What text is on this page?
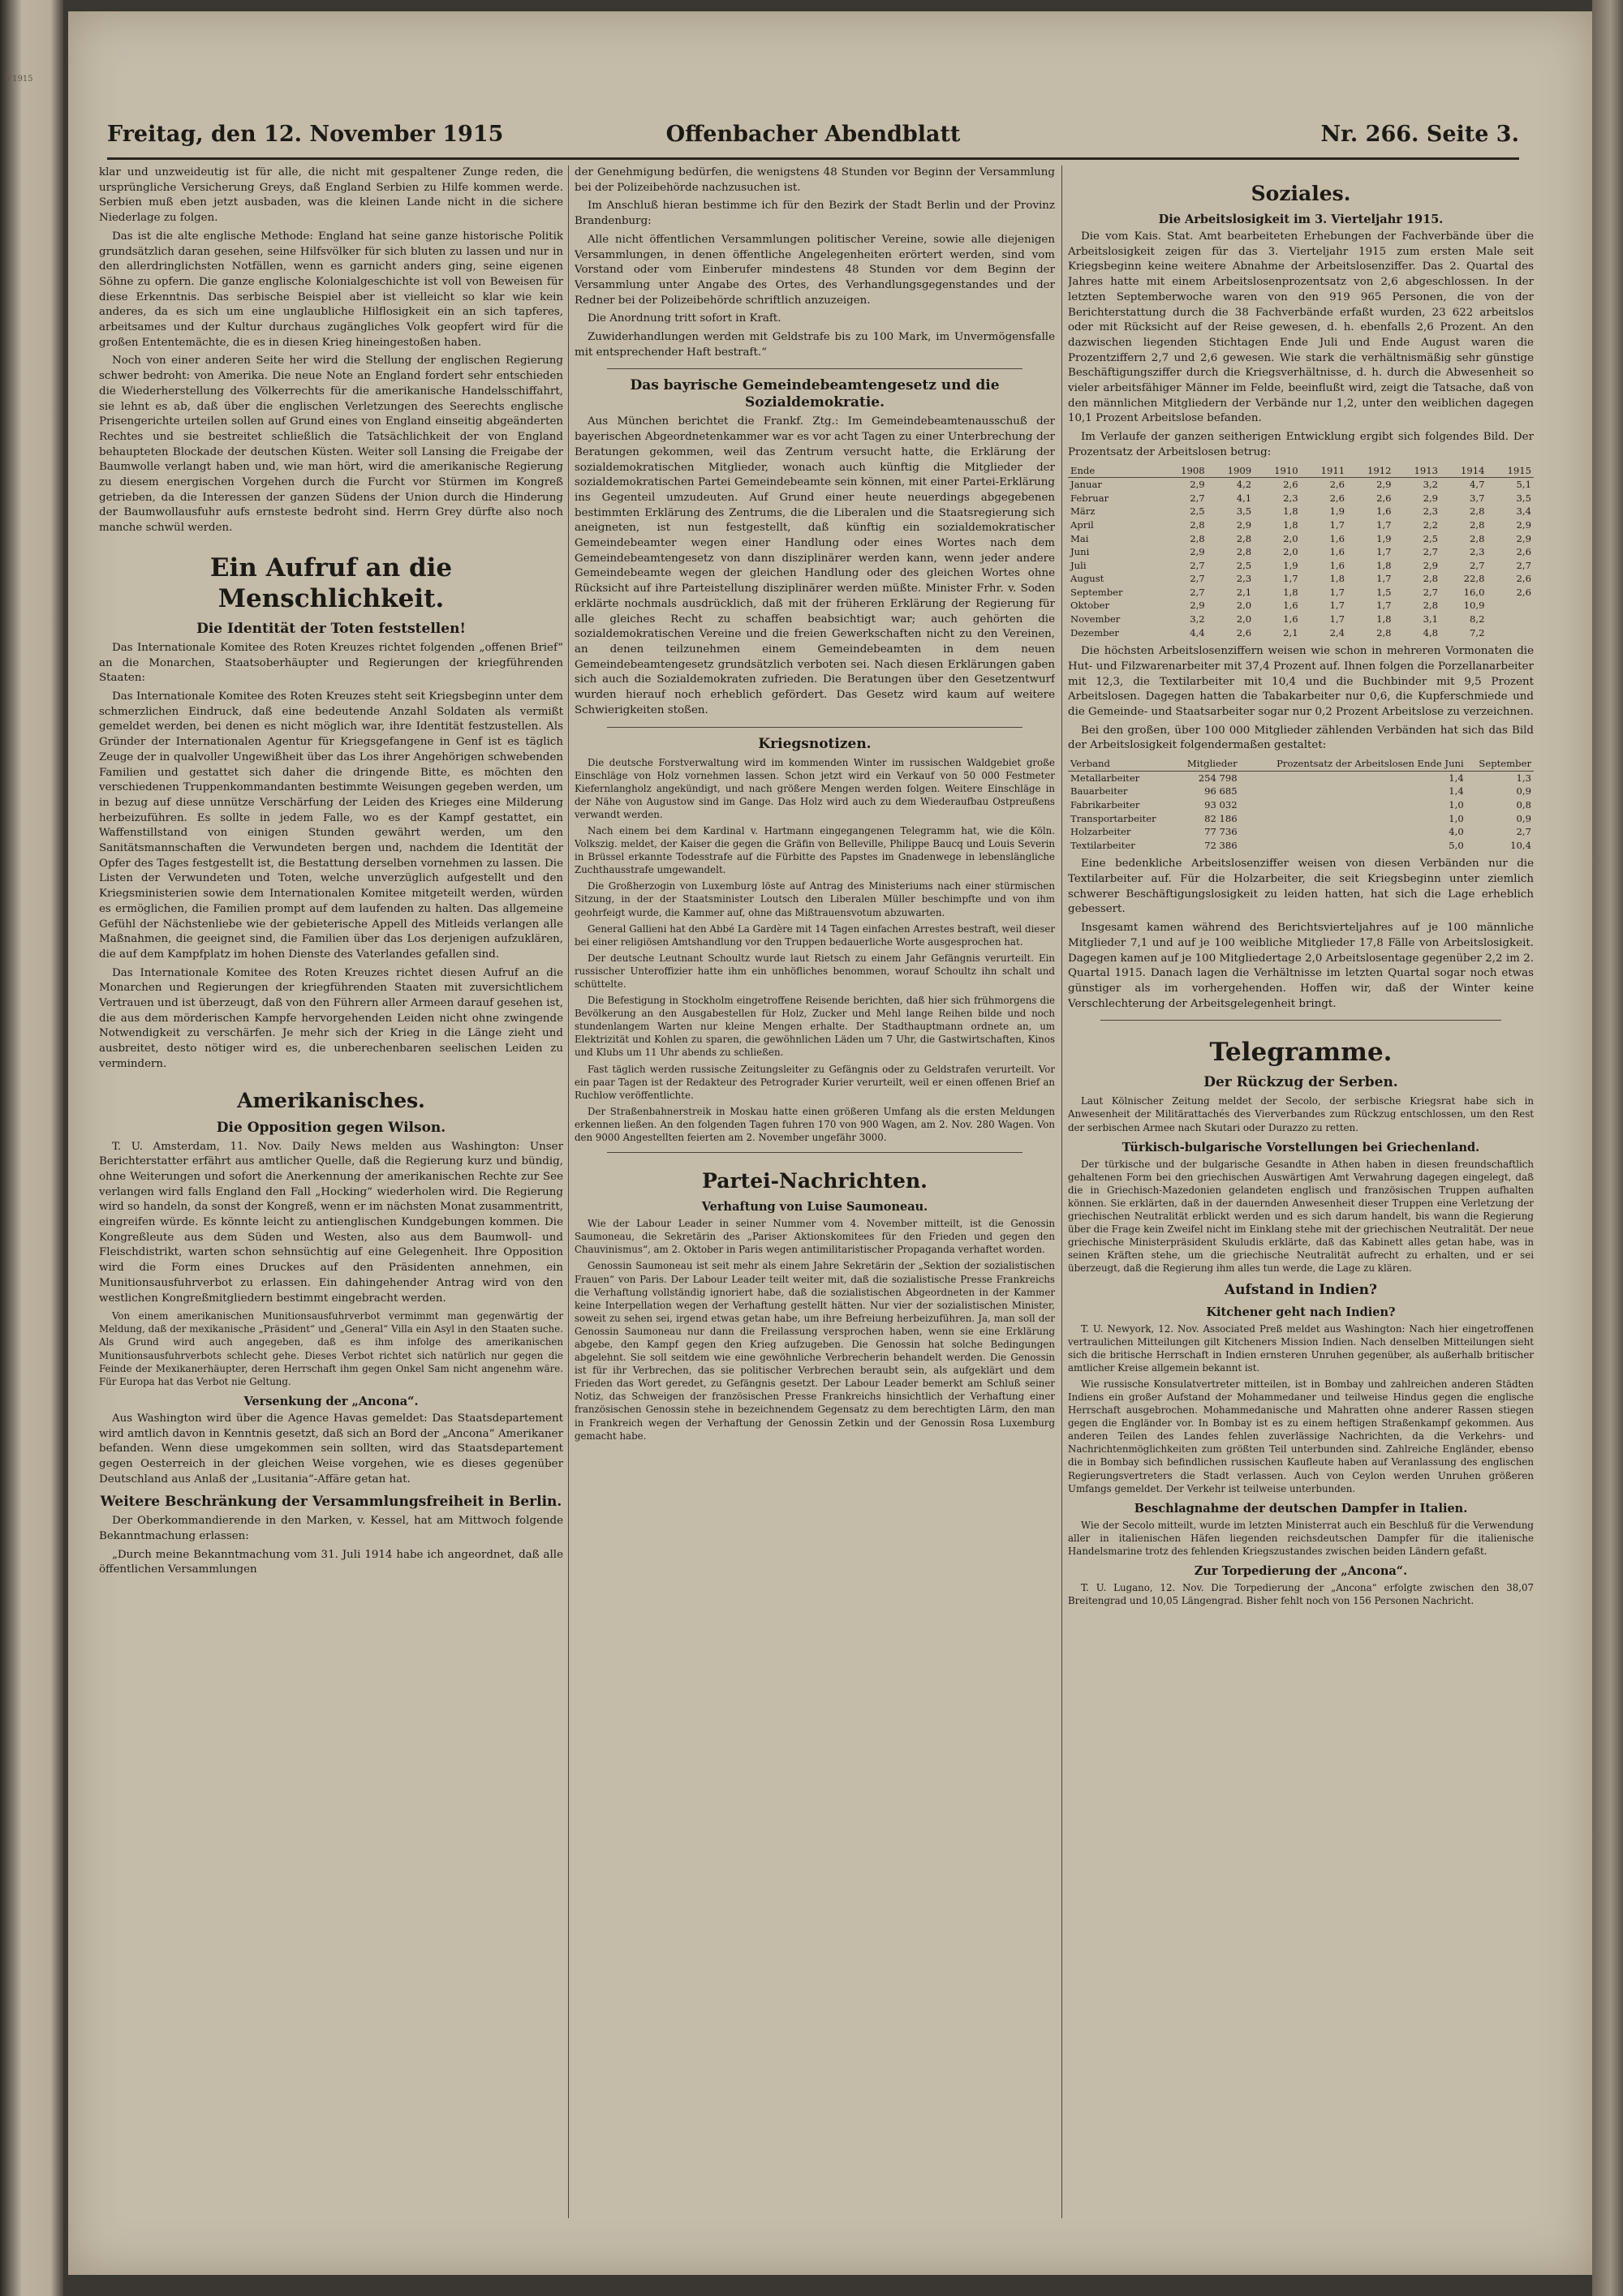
e 1915
Freitag, den 12. November 1915	Offenbacher Abendblatt	Nr. 266. Seite 3.

klar und unzweideutig ist für alle, die nicht mit gespaltener Zunge reden, die ursprüngliche Versicherung Greys, daß England Serbien zu Hilfe kommen werde. Serbien muß eben jetzt ausbaden, was die kleinen Lande nicht in die sichere Niederlage zu folgen.

Das ist die alte englische Methode: England hat seine ganze historische Politik grundsätzlich daran gesehen, seine Hilfsvölker für sich bluten zu lassen und nur in den allerdringlichsten Notfällen, wenn es garnicht anders ging, seine eigenen Söhne zu opfern. Die ganze englische Kolonialgeschichte ist voll von Beweisen für diese Erkenntnis. Das serbische Beispiel aber ist vielleicht so klar wie kein anderes, da es sich um eine unglaubliche Hilflosigkeit ein an sich tapferes, arbeitsames und der Kultur durchaus zugängliches Volk geopfert wird für die großen Ententemächte, die es in diesen Krieg hineingestoßen haben.

Noch von einer anderen Seite her wird die Stellung der englischen Regierung schwer bedroht: von Amerika. Die neue Note an England fordert sehr entschieden die Wiederherstellung des Völkerrechts für die amerikanische Handelsschiffahrt, sie lehnt es ab, daß über die englischen Verletzungen des Seerechts englische Prisengerichte urteilen sollen auf Grund eines von England einseitig abgeänderten Rechtes und sie bestreitet schließlich die Tatsächlichkeit der von England behaupteten Blockade der deutschen Küsten. Weiter soll Lansing die Freigabe der Baumwolle verlangt haben und, wie man hört, wird die amerikanische Regierung zu diesem energischen Vorgehen durch die Furcht vor Stürmen im Kongreß getrieben, da die Interessen der ganzen Südens der Union durch die Hinderung der Baumwollausfuhr aufs ernsteste bedroht sind. Herrn Grey dürfte also noch manche schwül werden.

Ein Aufruf an die Menschlichkeit.
Die Identität der Toten feststellen!

Das Internationale Komitee des Roten Kreuzes richtet folgenden „offenen Brief“ an die Monarchen, Staatsoberhäupter und Regierungen der kriegführenden Staaten:

Das Internationale Komitee des Roten Kreuzes steht seit Kriegsbeginn unter dem schmerzlichen Eindruck, daß eine bedeutende Anzahl Soldaten als vermißt gemeldet werden, bei denen es nicht möglich war, ihre Identität festzustellen. Als Gründer der Internationalen Agentur für Kriegsgefangene in Genf ist es täglich Zeuge der in qualvoller Ungewißheit über das Los ihrer Angehörigen schwebenden Familien und gestattet sich daher die dringende Bitte, es möchten den verschiedenen Truppenkommandanten bestimmte Weisungen gegeben werden, um in bezug auf diese unnütze Verschärfung der Leiden des Krieges eine Milderung herbeizuführen. Es sollte in jedem Falle, wo es der Kampf gestattet, ein Waffenstillstand von einigen Stunden gewährt werden, um den Sanitätsmannschaften die Verwundeten bergen und, nachdem die Identität der Opfer des Tages festgestellt ist, die Bestattung derselben vornehmen zu lassen. Die Listen der Verwundeten und Toten, welche unverzüglich aufgestellt und den Kriegsministerien sowie dem Internationalen Komitee mitgeteilt werden, würden es ermöglichen, die Familien prompt auf dem laufenden zu halten. Das allgemeine Gefühl der Nächstenliebe wie der gebieterische Appell des Mitleids verlangen alle Maßnahmen, die geeignet sind, die Familien über das Los derjenigen aufzuklären, die auf dem Kampfplatz im hohen Dienste des Vaterlandes gefallen sind.

Das Internationale Komitee des Roten Kreuzes richtet diesen Aufruf an die Monarchen und Regierungen der kriegführenden Staaten mit zuversichtlichem Vertrauen und ist überzeugt, daß von den Führern aller Armeen darauf gesehen ist, die aus dem mörderischen Kampfe hervorgehenden Leiden nicht ohne zwingende Notwendigkeit zu verschärfen. Je mehr sich der Krieg in die Länge zieht und ausbreitet, desto nötiger wird es, die unberechenbaren seelischen Leiden zu vermindern.

Amerikanisches.
Die Opposition gegen Wilson.

T. U. Amsterdam, 11. Nov. Daily News melden aus Washington: Unser Berichterstatter erfährt aus amtlicher Quelle, daß die Regierung kurz und bündig, ohne Weiterungen und sofort die Anerkennung der amerikanischen Rechte zur See verlangen wird falls England den Fall „Hocking“ wiederholen wird. Die Regierung wird so handeln, da sonst der Kongreß, wenn er im nächsten Monat zusammentritt, eingreifen würde. Es könnte leicht zu antienglischen Kundgebungen kommen. Die Kongreßleute aus dem Süden und Westen, also aus dem Baumwoll- und Fleischdistrikt, warten schon sehnsüchtig auf eine Gelegenheit. Ihre Opposition wird die Form eines Druckes auf den Präsidenten annehmen, ein Munitionsausfuhrverbot zu erlassen. Ein dahingehender Antrag wird von den westlichen Kongreßmitgliedern bestimmt eingebracht werden.

Von einem amerikanischen Munitionsausfuhrverbot vermimmt man gegenwärtig der Meldung, daß der mexikanische „Präsident“ und „General“ Villa ein Asyl in den Staaten suche. Als Grund wird auch angegeben, daß es ihm infolge des amerikanischen Munitionsausfuhrverbots schlecht gehe. Dieses Verbot richtet sich natürlich nur gegen die Feinde der Mexikanerhäupter, deren Herrschaft ihm gegen Onkel Sam nicht angenehm wäre. Für Europa hat das Verbot nie Geltung.

Versenkung der „Ancona“.

Aus Washington wird über die Agence Havas gemeldet: Das Staatsdepartement wird amtlich davon in Kenntnis gesetzt, daß sich an Bord der „Ancona“ Amerikaner befanden. Wenn diese umgekommen sein sollten, wird das Staatsdepartement gegen Oesterreich in der gleichen Weise vorgehen, wie es dieses gegenüber Deutschland aus Anlaß der „Lusitania“-Affäre getan hat.

Weitere Beschränkung der Versammlungsfreiheit in Berlin.

Der Oberkommandierende in den Marken, v. Kessel, hat am Mittwoch folgende Bekanntmachung erlassen:

„Durch meine Bekanntmachung vom 31. Juli 1914 habe ich angeordnet, daß alle öffentlichen Versammlungen

der Genehmigung bedürfen, die wenigstens 48 Stunden vor Beginn der Versammlung bei der Polizeibehörde nachzusuchen ist.

Im Anschluß hieran bestimme ich für den Bezirk der Stadt Berlin und der Provinz Brandenburg:

Alle nicht öffentlichen Versammlungen politischer Vereine, sowie alle diejenigen Versammlungen, in denen öffentliche Angelegenheiten erörtert werden, sind vom Vorstand oder vom Einberufer mindestens 48 Stunden vor dem Beginn der Versammlung unter Angabe des Ortes, des Verhandlungsgegenstandes und der Redner bei der Polizeibehörde schriftlich anzuzeigen.

Die Anordnung tritt sofort in Kraft.

Zuwiderhandlungen werden mit Geldstrafe bis zu 100 Mark, im Unvermögensfalle mit entsprechender Haft bestraft.“

Das bayrische Gemeindebeamtengesetz und die Sozialdemokratie.

Aus München berichtet die Frankf. Ztg.: Im Gemeindebeamtenausschuß der bayerischen Abgeordnetenkammer war es vor acht Tagen zu einer Unterbrechung der Beratungen gekommen, weil das Zentrum versucht hatte, die Erklärung der sozialdemokratischen Mitglieder, wonach auch künftig die Mitglieder der sozialdemokratischen Partei Gemeindebeamte sein können, mit einer Partei-Erklärung ins Gegenteil umzudeuten. Auf Grund einer heute neuerdings abgegebenen bestimmten Erklärung des Zentrums, die die Liberalen und die Staatsregierung sich aneigneten, ist nun festgestellt, daß künftig ein sozialdemokratischer Gemeindebeamter wegen einer Handlung oder eines Wortes nach dem Gemeindebeamtengesetz von dann disziplinärer werden kann, wenn jeder andere Gemeindebeamte wegen der gleichen Handlung oder des gleichen Wortes ohne Rücksicht auf ihre Parteistellung disziplinärer werden müßte. Minister Frhr. v. Soden erklärte nochmals ausdrücklich, daß mit der früheren Erklärung der Regierung für alle gleiches Recht zu schaffen beabsichtigt war; auch gehörten die sozialdemokratischen Vereine und die freien Gewerkschaften nicht zu den Vereinen, an denen teilzunehmen einem Gemeindebeamten in dem neuen Gemeindebeamtengesetz grundsätzlich verboten sei. Nach diesen Erklärungen gaben sich auch die Sozialdemokraten zufrieden. Die Beratungen über den Gesetzentwurf wurden hierauf noch erheblich gefördert. Das Gesetz wird kaum auf weitere Schwierigkeiten stoßen.

Kriegsnotizen.

Die deutsche Forstverwaltung wird im kommenden Winter im russischen Waldgebiet große Einschläge von Holz vornehmen lassen. Schon jetzt wird ein Verkauf von 50 000 Festmeter Kiefernlangholz angekündigt, und nach größere Mengen werden folgen. Weitere Einschläge in der Nähe von Augustow sind im Gange. Das Holz wird auch zu dem Wiederaufbau Ostpreußens verwandt werden.

Nach einem bei dem Kardinal v. Hartmann eingegangenen Telegramm hat, wie die Köln. Volkszig. meldet, der Kaiser die gegen die Gräfin von Belleville, Philippe Baucq und Louis Severin in Brüssel erkannte Todesstrafe auf die Fürbitte des Papstes im Gnadenwege in lebenslängliche Zuchthausstrafe umgewandelt.

Die Großherzogin von Luxemburg löste auf Antrag des Ministeriums nach einer stürmischen Sitzung, in der der Staatsminister Loutsch den Liberalen Müller beschimpfte und von ihm geohrfeigt wurde, die Kammer auf, ohne das Mißtrauensvotum abzuwarten.

General Gallieni hat den Abbé La Gardère mit 14 Tagen einfachen Arrestes bestraft, weil dieser bei einer religiösen Amtshandlung vor den Truppen bedauerliche Worte ausgesprochen hat.

Der deutsche Leutnant Schoultz wurde laut Rietsch zu einem Jahr Gefängnis verurteilt. Ein russischer Unteroffizier hatte ihm ein unhöfliches benommen, worauf Schoultz ihn schalt und schüttelte.

Die Befestigung in Stockholm eingetroffene Reisende berichten, daß hier sich frühmorgens die Bevölkerung an den Ausgabestellen für Holz, Zucker und Mehl lange Reihen bilde und noch stundenlangem Warten nur kleine Mengen erhalte. Der Stadthauptmann ordnete an, um Elektrizität und Kohlen zu sparen, die gewöhnlichen Läden um 7 Uhr, die Gastwirtschaften, Kinos und Klubs um 11 Uhr abends zu schließen.

Fast täglich werden russische Zeitungsleiter zu Gefängnis oder zu Geldstrafen verurteilt. Vor ein paar Tagen ist der Redakteur des Petrograder Kurier verurteilt, weil er einen offenen Brief an Ruchlow veröffentlichte.

Der Straßenbahnerstreik in Moskau hatte einen größeren Umfang als die ersten Meldungen erkennen ließen. An den folgenden Tagen fuhren 170 von 900 Wagen, am 2. Nov. 280 Wagen. Von den 9000 Angestellten feierten am 2. November ungefähr 3000.

Partei-Nachrichten.
Verhaftung von Luise Saumoneau.

Wie der Labour Leader in seiner Nummer vom 4. November mitteilt, ist die Genossin Saumoneau, die Sekretärin des „Pariser Aktionskomitees für den Frieden und gegen den Chauvinismus“, am 2. Oktober in Paris wegen antimilitaristischer Propaganda verhaftet worden.

Genossin Saumoneau ist seit mehr als einem Jahre Sekretärin der „Sektion der sozialistischen Frauen“ von Paris. Der Labour Leader teilt weiter mit, daß die sozialistische Presse Frankreichs die Verhaftung vollständig ignoriert habe, daß die sozialistischen Abgeordneten in der Kammer keine Interpellation wegen der Verhaftung gestellt hätten. Nur vier der sozialistischen Minister, soweit zu sehen sei, irgend etwas getan habe, um ihre Befreiung herbeizuführen. Ja, man soll der Genossin Saumoneau nur dann die Freilassung versprochen haben, wenn sie eine Erklärung abgebe, den Kampf gegen den Krieg aufzugeben. Die Genossin hat solche Bedingungen abgelehnt. Sie soll seitdem wie eine gewöhnliche Verbrecherin behandelt werden. Die Genossin ist für ihr Verbrechen, das sie politischer Verbrechen beraubt sein, als aufgeklärt und dem Frieden das Wort geredet, zu Gefängnis gesetzt. Der Labour Leader bemerkt am Schluß seiner Notiz, das Schweigen der französischen Presse Frankreichs hinsichtlich der Verhaftung einer französischen Genossin stehe in bezeichnendem Gegensatz zu dem berechtigten Lärm, den man in Frankreich wegen der Verhaftung der Genossin Zetkin und der Genossin Rosa Luxemburg gemacht habe.

Soziales.
Die Arbeitslosigkeit im 3. Vierteljahr 1915.

Die vom Kais. Stat. Amt bearbeiteten Erhebungen der Fachverbände über die Arbeitslosigkeit zeigen für das 3. Vierteljahr 1915 zum ersten Male seit Kriegsbeginn keine weitere Abnahme der Arbeitslosenziffer. Das 2. Quartal des Jahres hatte mit einem Arbeitslosenprozentsatz von 2,6 abgeschlossen. In der letzten Septemberwoche waren von den 919 965 Personen, die von der Berichterstattung durch die 38 Fachverbände erfaßt wurden, 23 622 arbeitslos oder mit Rücksicht auf der Reise gewesen, d. h. ebenfalls 2,6 Prozent. An den dazwischen liegenden Stichtagen Ende Juli und Ende August waren die Prozentziffern 2,7 und 2,6 gewesen. Wie stark die verhältnismäßig sehr günstige Beschäftigungsziffer durch die Kriegsverhältnisse, d. h. durch die Abwesenheit so vieler arbeitsfähiger Männer im Felde, beeinflußt wird, zeigt die Tatsache, daß von den männlichen Mitgliedern der Verbände nur 1,2, unter den weiblichen dagegen 10,1 Prozent Arbeitslose befanden.

Im Verlaufe der ganzen seitherigen Entwicklung ergibt sich folgendes Bild. Der Prozentsatz der Arbeitslosen betrug:

Ende	1908	1909	1910	1911	1912	1913	1914	1915
Januar	2,9	4,2	2,6	2,6	2,9	3,2	4,7	5,1
Februar	2,7	4,1	2,3	2,6	2,6	2,9	3,7	3,5
März	2,5	3,5	1,8	1,9	1,6	2,3	2,8	3,4
April	2,8	2,9	1,8	1,7	1,7	2,2	2,8	2,9
Mai	2,8	2,8	2,0	1,6	1,9	2,5	2,8	2,9
Juni	2,9	2,8	2,0	1,6	1,7	2,7	2,3	2,6
Juli	2,7	2,5	1,9	1,6	1,8	2,9	2,7	2,7
August	2,7	2,3	1,7	1,8	1,7	2,8	22,8	2,6
September	2,7	2,1	1,8	1,7	1,5	2,7	16,0	2,6
Oktober	2,9	2,0	1,6	1,7	1,7	2,8	10,9	
November	3,2	2,0	1,6	1,7	1,8	3,1	8,2	
Dezember	4,4	2,6	2,1	2,4	2,8	4,8	7,2	

Die höchsten Arbeitslosenziffern weisen wie schon in mehreren Vormonaten die Hut- und Filzwarenarbeiter mit 37,4 Prozent auf. Ihnen folgen die Porzellanarbeiter mit 12,3, die Textilarbeiter mit 10,4 und die Buchbinder mit 9,5 Prozent Arbeitslosen. Dagegen hatten die Tabakarbeiter nur 0,6, die Kupferschmiede und die Gemeinde- und Staatsarbeiter sogar nur 0,2 Prozent Arbeitslose zu verzeichnen.

Bei den großen, über 100 000 Mitglieder zählenden Verbänden hat sich das Bild der Arbeitslosigkeit folgendermaßen gestaltet:

Verband	Mitglieder	Prozentsatz der Arbeitslosen Ende Juni	September
Metallarbeiter	254 798	1,4	1,3
Bauarbeiter	96 685	1,4	0,9
Fabrikarbeiter	93 032	1,0	0,8
Transportarbeiter	82 186	1,0	0,9
Holzarbeiter	77 736	4,0	2,7
Textilarbeiter	72 386	5,0	10,4

Eine bedenkliche Arbeitslosenziffer weisen von diesen Verbänden nur die Textilarbeiter auf. Für die Holzarbeiter, die seit Kriegsbeginn unter ziemlich schwerer Beschäftigungslosigkeit zu leiden hatten, hat sich die Lage erheblich gebessert.

Insgesamt kamen während des Berichtsvierteljahres auf je 100 männliche Mitglieder 7,1 und auf je 100 weibliche Mitglieder 17,8 Fälle von Arbeitslosigkeit. Dagegen kamen auf je 100 Mitgliedertage 2,0 Arbeitslosentage gegenüber 2,2 im 2. Quartal 1915. Danach lagen die Verhältnisse im letzten Quartal sogar noch etwas günstiger als im vorhergehenden. Hoffen wir, daß der Winter keine Verschlechterung der Arbeitsgelegenheit bringt.

Telegramme.
Der Rückzug der Serben.

Laut Kölnischer Zeitung meldet der Secolo, der serbische Kriegsrat habe sich in Anwesenheit der Militärattachés des Vierverbandes zum Rückzug entschlossen, um den Rest der serbischen Armee nach Skutari oder Durazzo zu retten.

Türkisch-bulgarische Vorstellungen bei Griechenland.

Der türkische und der bulgarische Gesandte in Athen haben in diesen freundschaftlich gehaltenen Form bei den griechischen Auswärtigen Amt Verwahrung dagegen eingelegt, daß die in Griechisch-Mazedonien gelandeten englisch und französischen Truppen aufhalten können. Sie erklärten, daß in der dauernden Anwesenheit dieser Truppen eine Verletzung der griechischen Neutralität erblickt werden und es sich darum handelt, bis wann die Regierung über die Frage kein Zweifel nicht im Einklang stehe mit der griechischen Neutralität. Der neue griechische Ministerpräsident Skuludis erklärte, daß das Kabinett alles getan habe, was in seinen Kräften stehe, um die griechische Neutralität aufrecht zu erhalten, und er sei überzeugt, daß die Regierung ihm alles tun werde, die Lage zu klären.

Aufstand in Indien?
Kitchener geht nach Indien?

T. U. Newyork, 12. Nov. Associated Preß meldet aus Washington: Nach hier eingetroffenen vertraulichen Mitteilungen gilt Kitcheners Mission Indien. Nach denselben Mitteilungen sieht sich die britische Herrschaft in Indien ernsteren Unruhen gegenüber, als außerhalb britischer amtlicher Kreise allgemein bekannt ist.

Wie russische Konsulatvertreter mitteilen, ist in Bombay und zahlreichen anderen Städten Indiens ein großer Aufstand der Mohammedaner und teilweise Hindus gegen die englische Herrschaft ausgebrochen. Mohammedanische und Mahratten ohne anderer Rassen stiegen gegen die Engländer vor. In Bombay ist es zu einem heftigen Straßenkampf gekommen. Aus anderen Teilen des Landes fehlen zuverlässige Nachrichten, da die Verkehrs- und Nachrichtenmöglichkeiten zum größten Teil unterbunden sind. Zahlreiche Engländer, ebenso die in Bombay sich befindlichen russischen Kaufleute haben auf Veranlassung des englischen Regierungsvertreters die Stadt verlassen. Auch von Ceylon werden Unruhen größeren Umfangs gemeldet. Der Verkehr ist teilweise unterbunden.

Beschlagnahme der deutschen Dampfer in Italien.

Wie der Secolo mitteilt, wurde im letzten Ministerrat auch ein Beschluß für die Verwendung aller in italienischen Häfen liegenden reichsdeutschen Dampfer für die italienische Handelsmarine trotz des fehlenden Kriegszustandes zwischen beiden Ländern gefaßt.

Zur Torpedierung der „Ancona“.

T. U. Lugano, 12. Nov. Die Torpedierung der „Ancona“ erfolgte zwischen den 38,07 Breitengrad und 10,05 Längengrad. Bisher fehlt noch von 156 Personen Nachricht.
